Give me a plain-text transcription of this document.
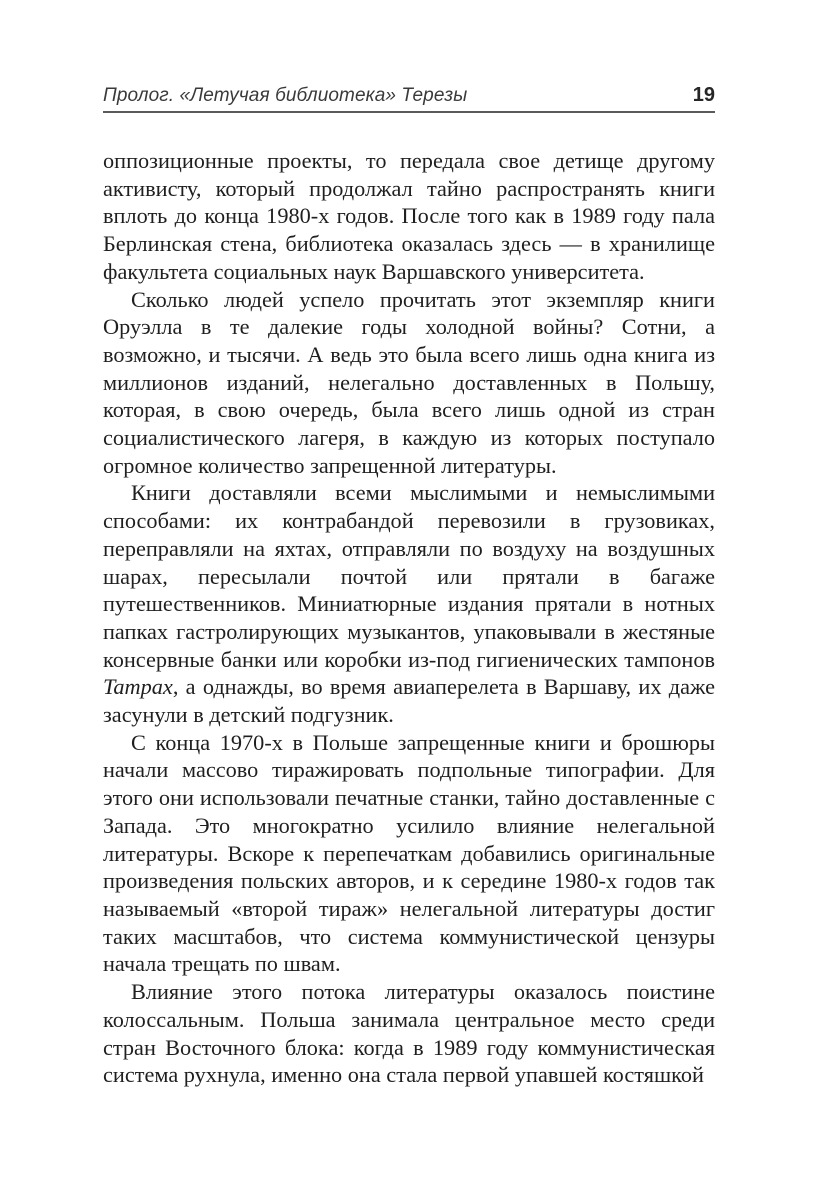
Пролог. «Летучая библиотека» Терезы	19

оппозиционные проекты, то передала свое детище другому активисту, который продолжал тайно распространять книги вплоть до конца 1980-х годов. После того как в 1989 году пала Берлинская стена, библиотека оказалась здесь — в хранилище факультета социальных наук Варшавского университета.

Сколько людей успело прочитать этот экземпляр книги Оруэлла в те далекие годы холодной войны? Сотни, а возможно, и тысячи. А ведь это была всего лишь одна книга из миллионов изданий, нелегально доставленных в Польшу, которая, в свою очередь, была всего лишь одной из стран социалистического лагеря, в каждую из которых поступало огромное количество запрещенной литературы.

Книги доставляли всеми мыслимыми и немыслимыми способами: их контрабандой перевозили в грузовиках, переправляли на яхтах, отправляли по воздуху на воздушных шарах, пересылали почтой или прятали в багаже путешественников. Миниатюрные издания прятали в нотных папках гастролирующих музыкантов, упаковывали в жестяные консервные банки или коробки из-под гигиенических тампонов Tampax, а однажды, во время авиаперелета в Варшаву, их даже засунули в детский подгузник.

С конца 1970-х в Польше запрещенные книги и брошюры начали массово тиражировать подпольные типографии. Для этого они использовали печатные станки, тайно доставленные с Запада. Это многократно усилило влияние нелегальной литературы. Вскоре к перепечаткам добавились оригинальные произведения польских авторов, и к середине 1980-х годов так называемый «второй тираж» нелегальной литературы достиг таких масштабов, что система коммунистической цензуры начала трещать по швам.

Влияние этого потока литературы оказалось поистине колоссальным. Польша занимала центральное место среди стран Восточного блока: когда в 1989 году коммунистическая система рухнула, именно она стала первой упавшей костяшкой
